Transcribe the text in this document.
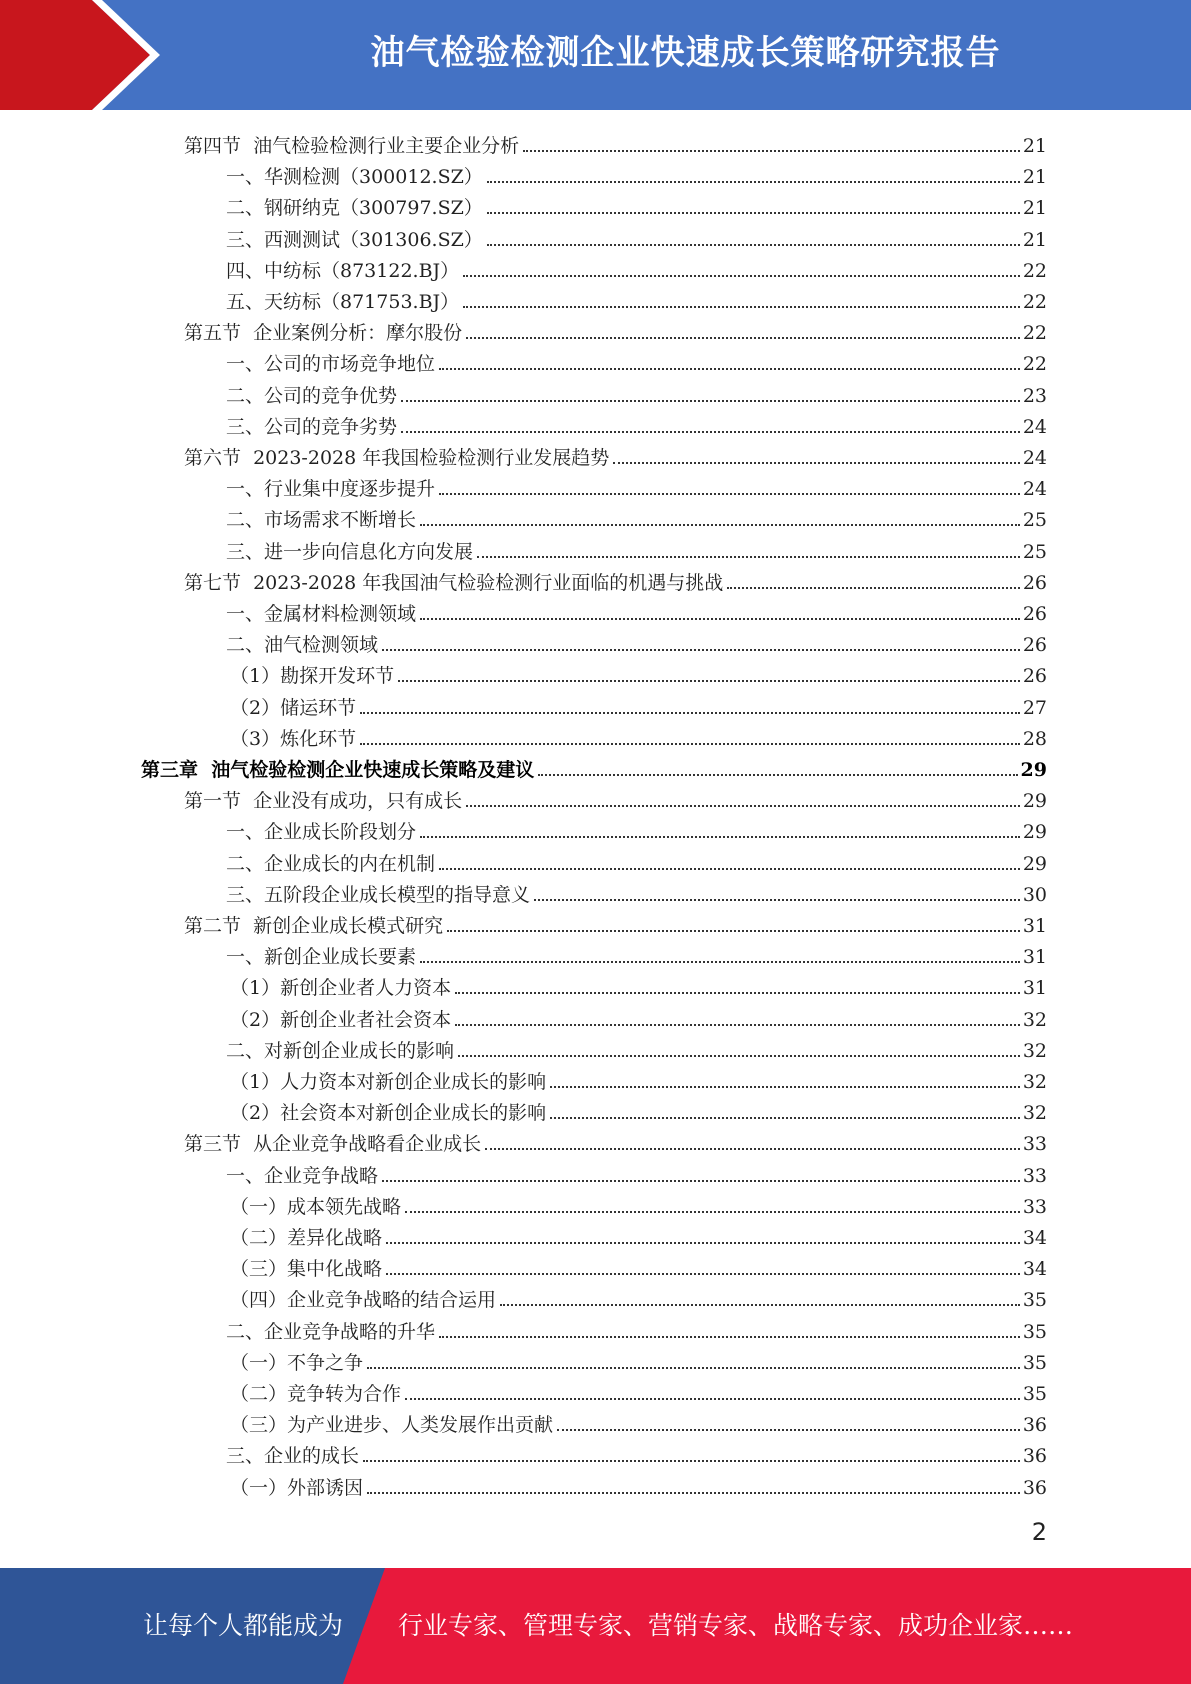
油气检验检测企业快速成长策略研究报告
第四节  油气检验检测行业主要企业分析	21
一、华测检测（300012.SZ）	21
二、钢研纳克（300797.SZ）	21
三、西测测试（301306.SZ）	21
四、中纺标（873122.BJ）	22
五、天纺标（871753.BJ）	22
第五节  企业案例分析：摩尔股份	22
一、公司的市场竞争地位	22
二、公司的竞争优势	23
三、公司的竞争劣势	24
第六节  2023-2028 年我国检验检测行业发展趋势	24
一、行业集中度逐步提升	24
二、市场需求不断增长	25
三、进一步向信息化方向发展	25
第七节  2023-2028 年我国油气检验检测行业面临的机遇与挑战	26
一、金属材料检测领域	26
二、油气检测领域	26
（1）勘探开发环节	26
（2）储运环节	27
（3）炼化环节	28
第三章  油气检验检测企业快速成长策略及建议	29
第一节  企业没有成功，只有成长	29
一、企业成长阶段划分	29
二、企业成长的内在机制	29
三、五阶段企业成长模型的指导意义	30
第二节  新创企业成长模式研究	31
一、新创企业成长要素	31
（1）新创企业者人力资本	31
（2）新创企业者社会资本	32
二、对新创企业成长的影响	32
（1）人力资本对新创企业成长的影响	32
（2）社会资本对新创企业成长的影响	32
第三节  从企业竞争战略看企业成长	33
一、企业竞争战略	33
（一）成本领先战略	33
（二）差异化战略	34
（三）集中化战略	34
（四）企业竞争战略的结合运用	35
二、企业竞争战略的升华	35
（一）不争之争	35
（二）竞争转为合作	35
（三）为产业进步、人类发展作出贡献	36
三、企业的成长	36
（一）外部诱因	36
2
让每个人都能成为 行业专家、管理专家、营销专家、战略专家、成功企业家……
